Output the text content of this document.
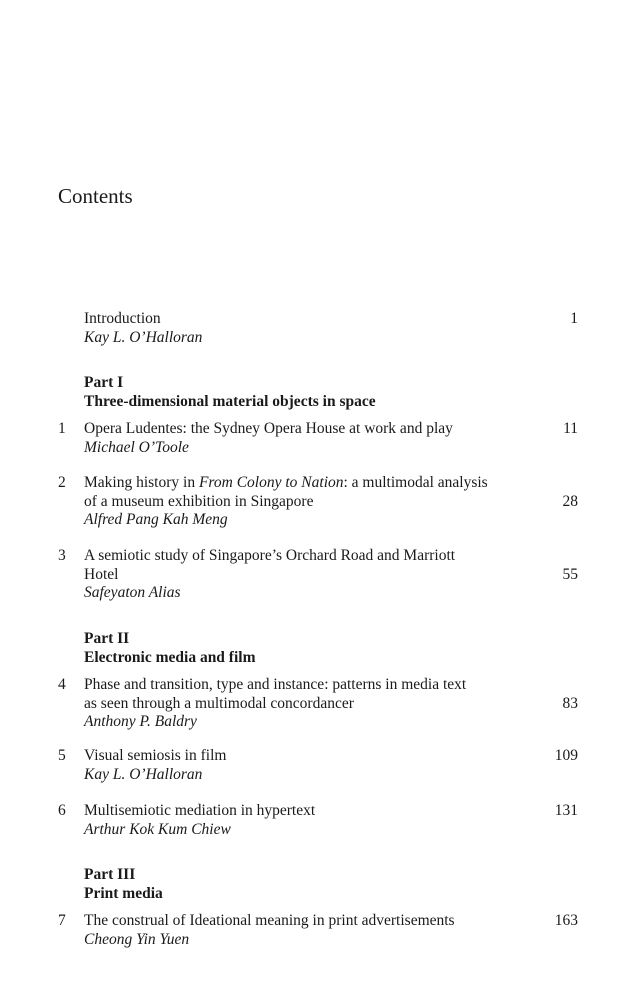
Contents
Introduction
Kay L. O’Halloran
1
Part I
Three-dimensional material objects in space
1 Opera Ludentes: the Sydney Opera House at work and play
Michael O’Toole
11
2 Making history in From Colony to Nation: a multimodal analysis
of a museum exhibition in Singapore
Alfred Pang Kah Meng
28
3 A semiotic study of Singapore’s Orchard Road and Marriott
Hotel
Safeyaton Alias
55
Part II
Electronic media and film
4 Phase and transition, type and instance: patterns in media text
as seen through a multimodal concordancer
Anthony P. Baldry
83
5 Visual semiosis in film
Kay L. O’Halloran
109
6 Multisemiotic mediation in hypertext
Arthur Kok Kum Chiew
131
Part III
Print media
7 The construal of Ideational meaning in print advertisements
Cheong Yin Yuen
163
